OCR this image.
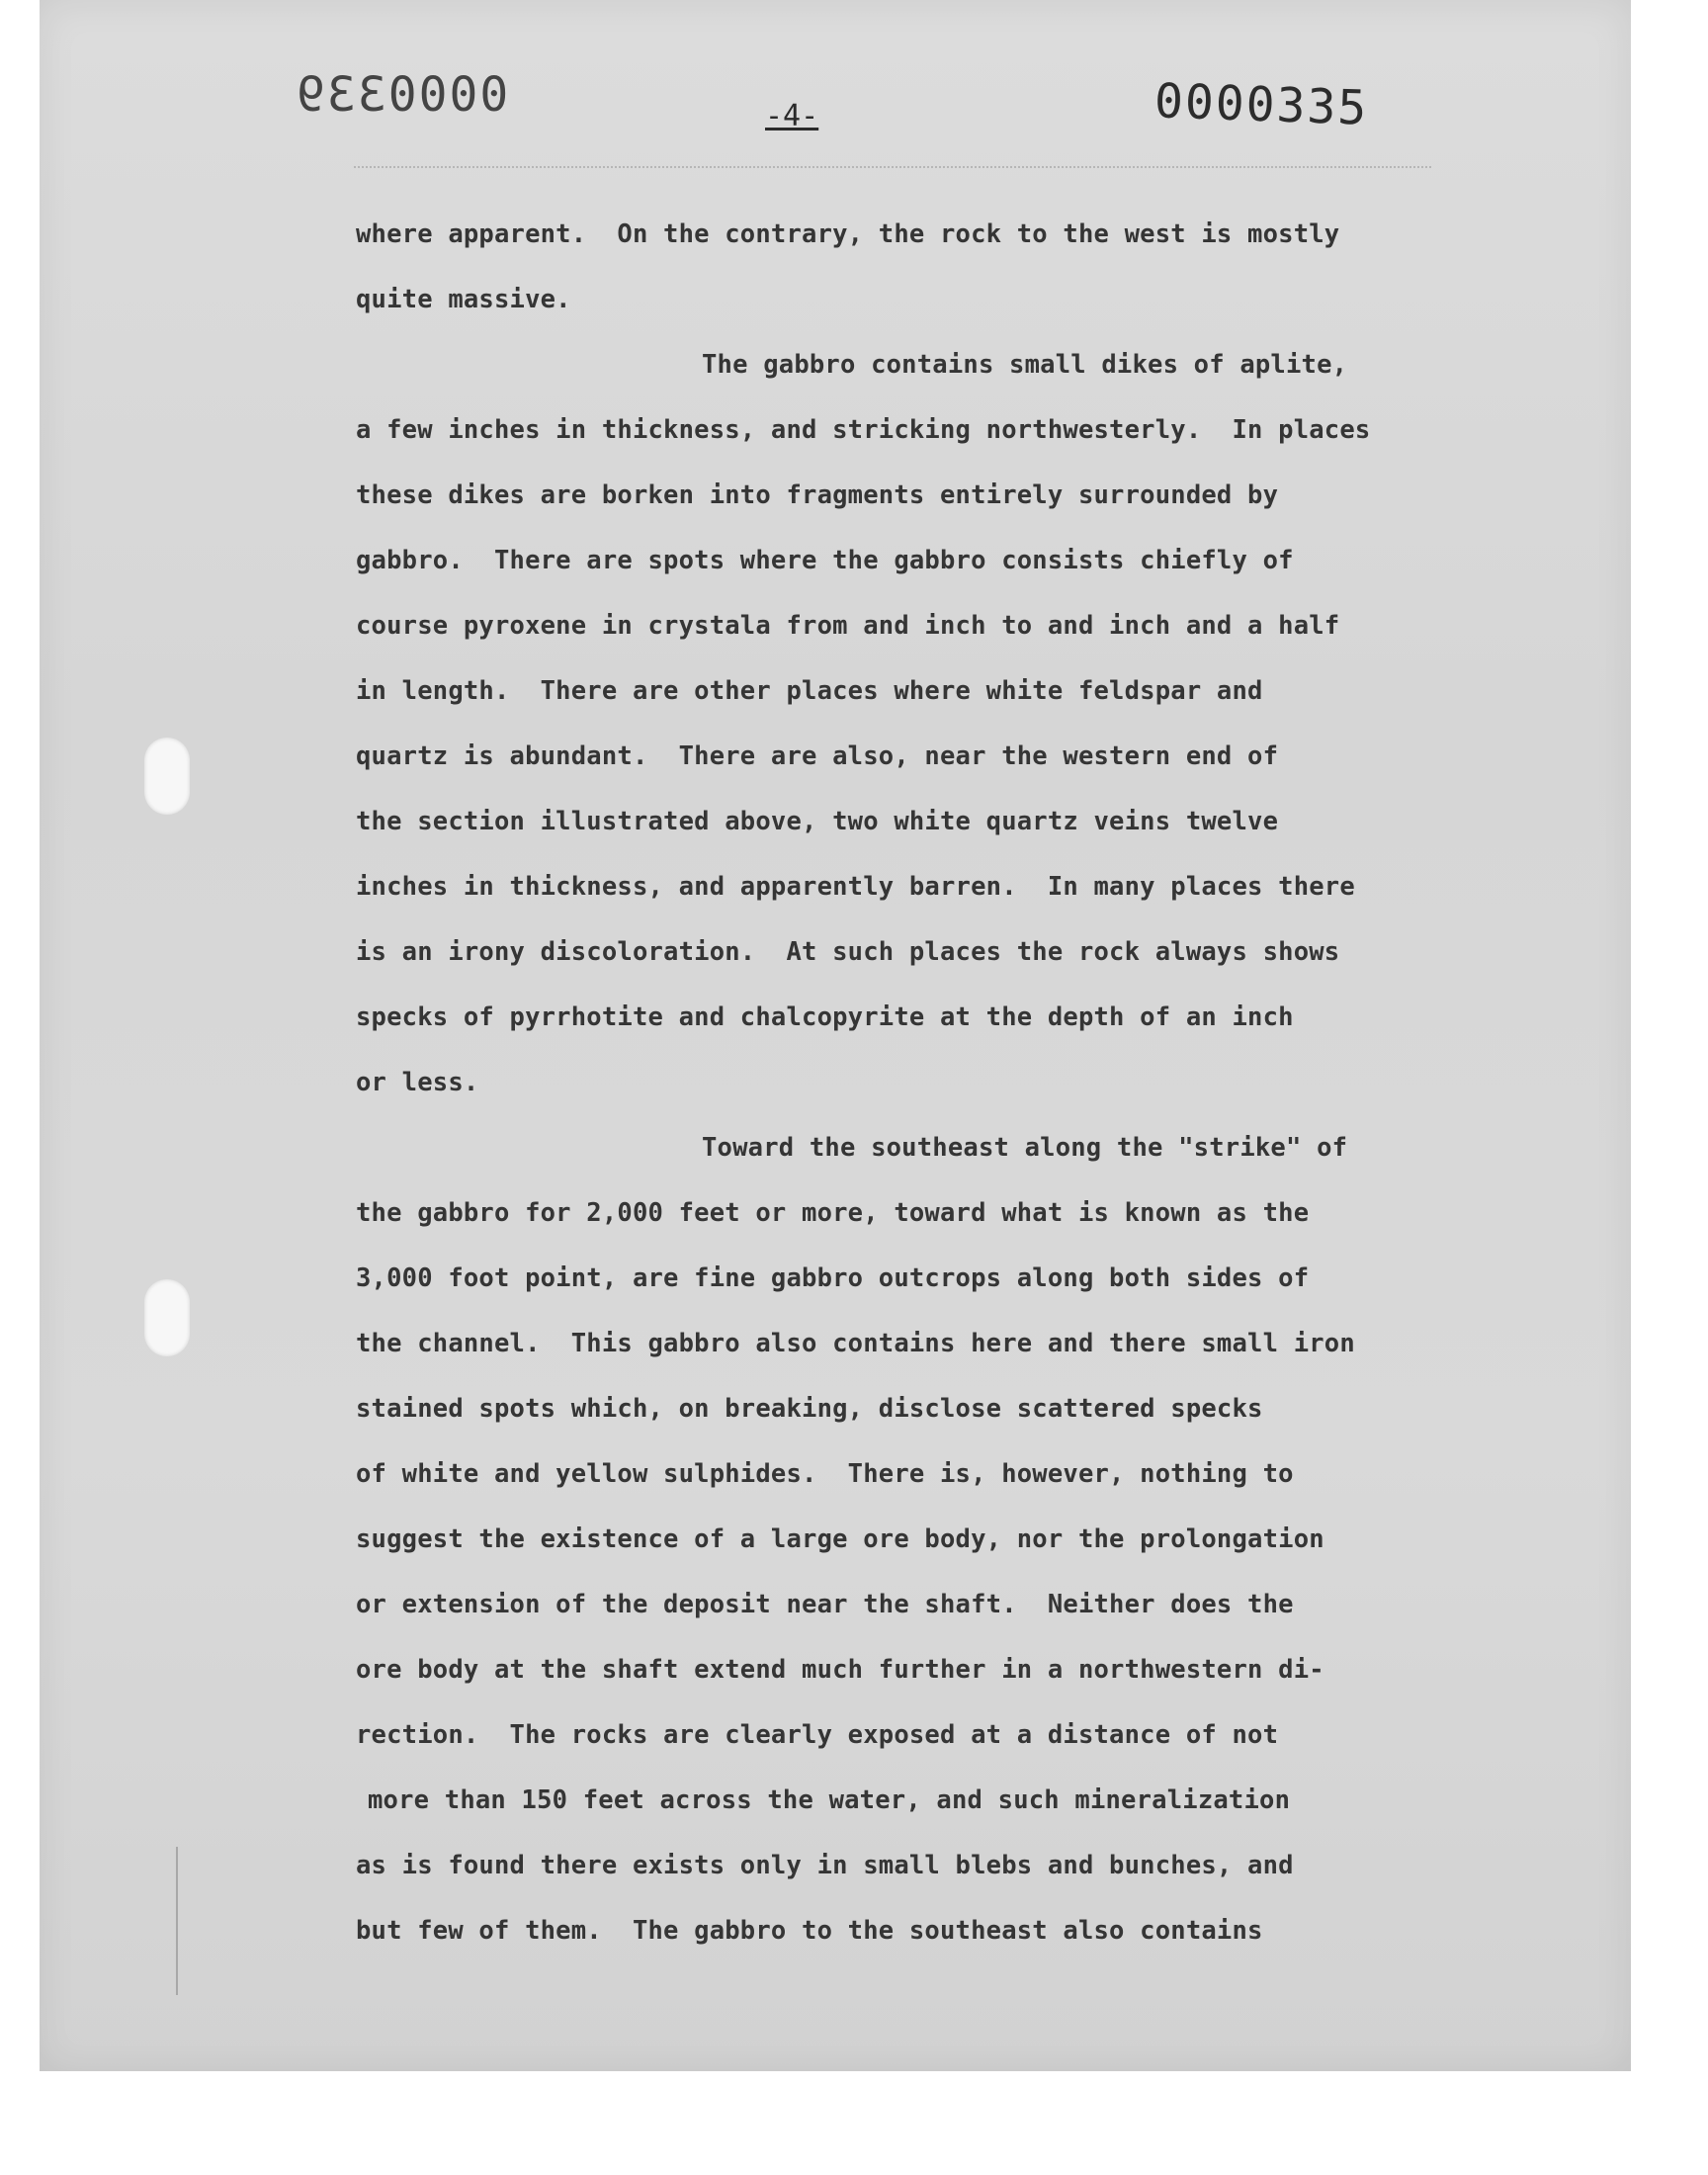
0000339	-4-	0000335
where apparent.  On the contrary, the rock to the west is mostly
quite massive.
The gabbro contains small dikes of aplite,
a few inches in thickness, and stricking northwesterly.  In places
these dikes are borken into fragments entirely surrounded by
gabbro.  There are spots where the gabbro consists chiefly of
course pyroxene in crystala from and inch to and inch and a half
in length.  There are other places where white feldspar and
quartz is abundant.  There are also, near the western end of
the section illustrated above, two white quartz veins twelve
inches in thickness, and apparently barren.  In many places there
is an irony discoloration.  At such places the rock always shows
specks of pyrrhotite and chalcopyrite at the depth of an inch
or less.
Toward the southeast along the "strike" of
the gabbro for 2,000 feet or more, toward what is known as the
3,000 foot point, are fine gabbro outcrops along both sides of
the channel.  This gabbro also contains here and there small iron
stained spots which, on breaking, disclose scattered specks
of white and yellow sulphides.  There is, however, nothing to
suggest the existence of a large ore body, nor the prolongation
or extension of the deposit near the shaft.  Neither does the
ore body at the shaft extend much further in a northwestern di-
rection.  The rocks are clearly exposed at a distance of not
more than 150 feet across the water, and such mineralization
as is found there exists only in small blebs and bunches, and
but few of them.  The gabbro to the southeast also contains
